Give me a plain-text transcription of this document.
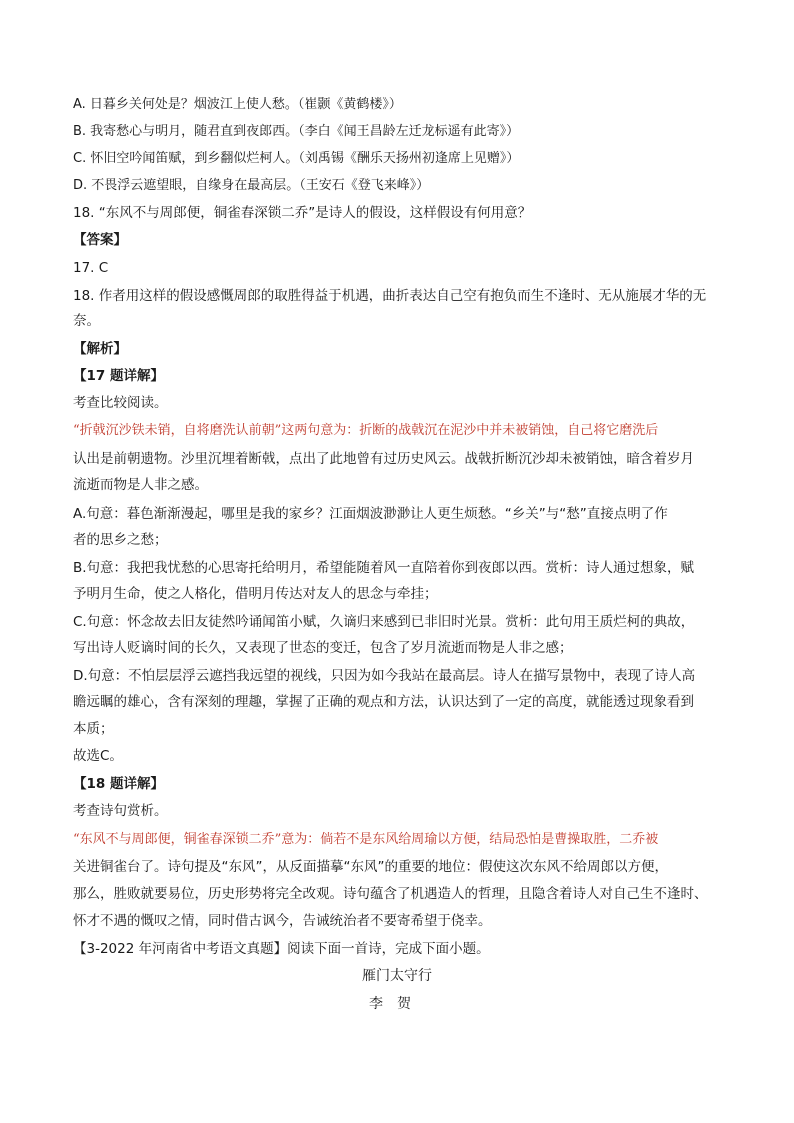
A. 日暮乡关何处是？烟波江上使人愁。（崔颢《黄鹤楼》）

B. 我寄愁心与明月，随君直到夜郎西。（李白《闻王昌龄左迁龙标遥有此寄》）

C. 怀旧空吟闻笛赋，到乡翻似烂柯人。（刘禹锡《酬乐天扬州初逢席上见赠》）

D. 不畏浮云遮望眼，自缘身在最高层。（王安石《登飞来峰》）

18. “东风不与周郎便，铜雀春深锁二乔”是诗人的假设，这样假设有何用意？

【答案】

17. C

18. 作者用这样的假设感慨周郎的取胜得益于机遇，曲折表达自己空有抱负而生不逢时、无从施展才华的无

奈。

【解析】

【17 题详解】

考查比较阅读。

“折戟沉沙铁未销，自将磨洗认前朝”这两句意为：折断的战戟沉在泥沙中并未被销蚀，自己将它磨洗后

认出是前朝遗物。沙里沉埋着断戟，点出了此地曾有过历史风云。战戟折断沉沙却未被销蚀，暗含着岁月

流逝而物是人非之感。

A.句意：暮色渐渐漫起，哪里是我的家乡？江面烟波渺渺让人更生烦愁。“乡关”与“愁”直接点明了作

者的思乡之愁；

B.句意：我把我忧愁的心思寄托给明月，希望能随着风一直陪着你到夜郎以西。赏析：诗人通过想象，赋

予明月生命，使之人格化，借明月传达对友人的思念与牵挂；

C.句意：怀念故去旧友徒然吟诵闻笛小赋，久谪归来感到已非旧时光景。赏析：此句用王质烂柯的典故，

写出诗人贬谪时间的长久，又表现了世态的变迁，包含了岁月流逝而物是人非之感；

D.句意：不怕层层浮云遮挡我远望的视线，只因为如今我站在最高层。诗人在描写景物中，表现了诗人高

瞻远瞩的雄心，含有深刻的理趣，掌握了正确的观点和方法，认识达到了一定的高度，就能透过现象看到

本质；

故选C。

【18 题详解】

考查诗句赏析。

“东风不与周郎便，铜雀春深锁二乔”意为：倘若不是东风给周瑜以方便，结局恐怕是曹操取胜，二乔被

关进铜雀台了。诗句提及“东风”，从反面描摹“东风”的重要的地位：假使这次东风不给周郎以方便，

那么，胜败就要易位，历史形势将完全改观。诗句蕴含了机遇造人的哲理，且隐含着诗人对自己生不逢时、

怀才不遇的慨叹之情，同时借古讽今，告诫统治者不要寄希望于侥幸。

【3-2022 年河南省中考语文真题】阅读下面一首诗，完成下面小题。

雁门太守行

李贺
